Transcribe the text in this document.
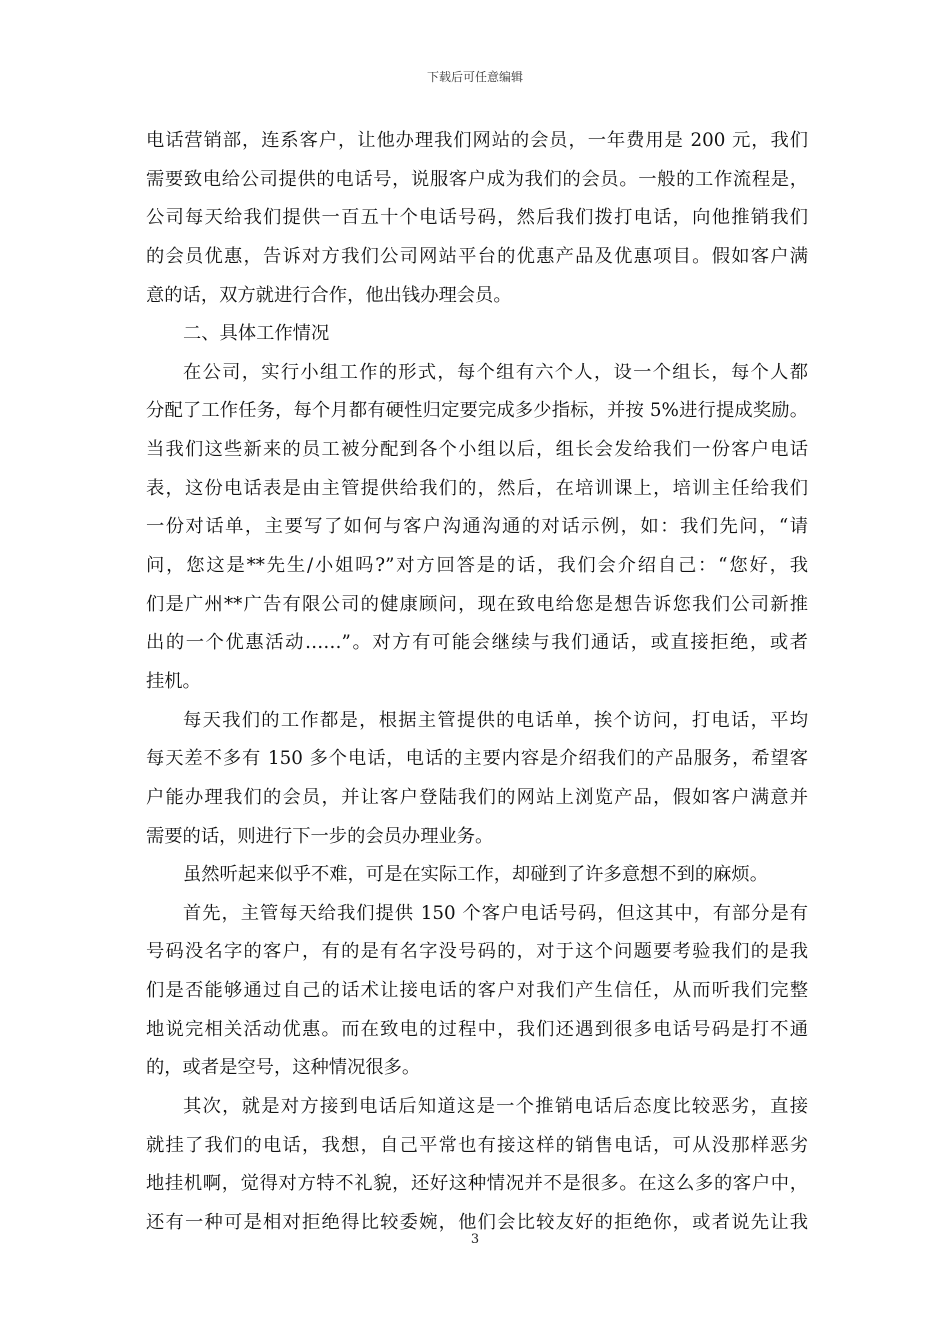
下载后可任意编辑
电话营销部，连系客户，让他办理我们网站的会员，一年费用是 200 元，我们
需要致电给公司提供的电话号，说服客户成为我们的会员。一般的工作流程是，
公司每天给我们提供一百五十个电话号码，然后我们拨打电话，向他推销我们
的会员优惠，告诉对方我们公司网站平台的优惠产品及优惠项目。假如客户满
意的话，双方就进行合作，他出钱办理会员。
二、具体工作情况
在公司，实行小组工作的形式，每个组有六个人，设一个组长，每个人都
分配了工作任务，每个月都有硬性归定要完成多少指标，并按 5%进行提成奖励。
当我们这些新来的员工被分配到各个小组以后，组长会发给我们一份客户电话
表，这份电话表是由主管提供给我们的，然后，在培训课上，培训主任给我们
一份对话单，主要写了如何与客户沟通沟通的对话示例，如：我们先问，“请
问，您这是**先生/小姐吗?”对方回答是的话，我们会介绍自己：“您好，我
们是广州**广告有限公司的健康顾问，现在致电给您是想告诉您我们公司新推
出的一个优惠活动……”。对方有可能会继续与我们通话，或直接拒绝，或者
挂机。
每天我们的工作都是，根据主管提供的电话单，挨个访问，打电话，平均
每天差不多有 150 多个电话，电话的主要内容是介绍我们的产品服务，希望客
户能办理我们的会员，并让客户登陆我们的网站上浏览产品，假如客户满意并
需要的话，则进行下一步的会员办理业务。
虽然听起来似乎不难，可是在实际工作，却碰到了许多意想不到的麻烦。
首先，主管每天给我们提供 150 个客户电话号码，但这其中，有部分是有
号码没名字的客户，有的是有名字没号码的，对于这个问题要考验我们的是我
们是否能够通过自己的话术让接电话的客户对我们产生信任，从而听我们完整
地说完相关活动优惠。而在致电的过程中，我们还遇到很多电话号码是打不通
的，或者是空号，这种情况很多。
其次，就是对方接到电话后知道这是一个推销电话后态度比较恶劣，直接
就挂了我们的电话，我想，自己平常也有接这样的销售电话，可从没那样恶劣
地挂机啊，觉得对方特不礼貌，还好这种情况并不是很多。在这么多的客户中，
还有一种可是相对拒绝得比较委婉，他们会比较友好的拒绝你，或者说先让我
3
